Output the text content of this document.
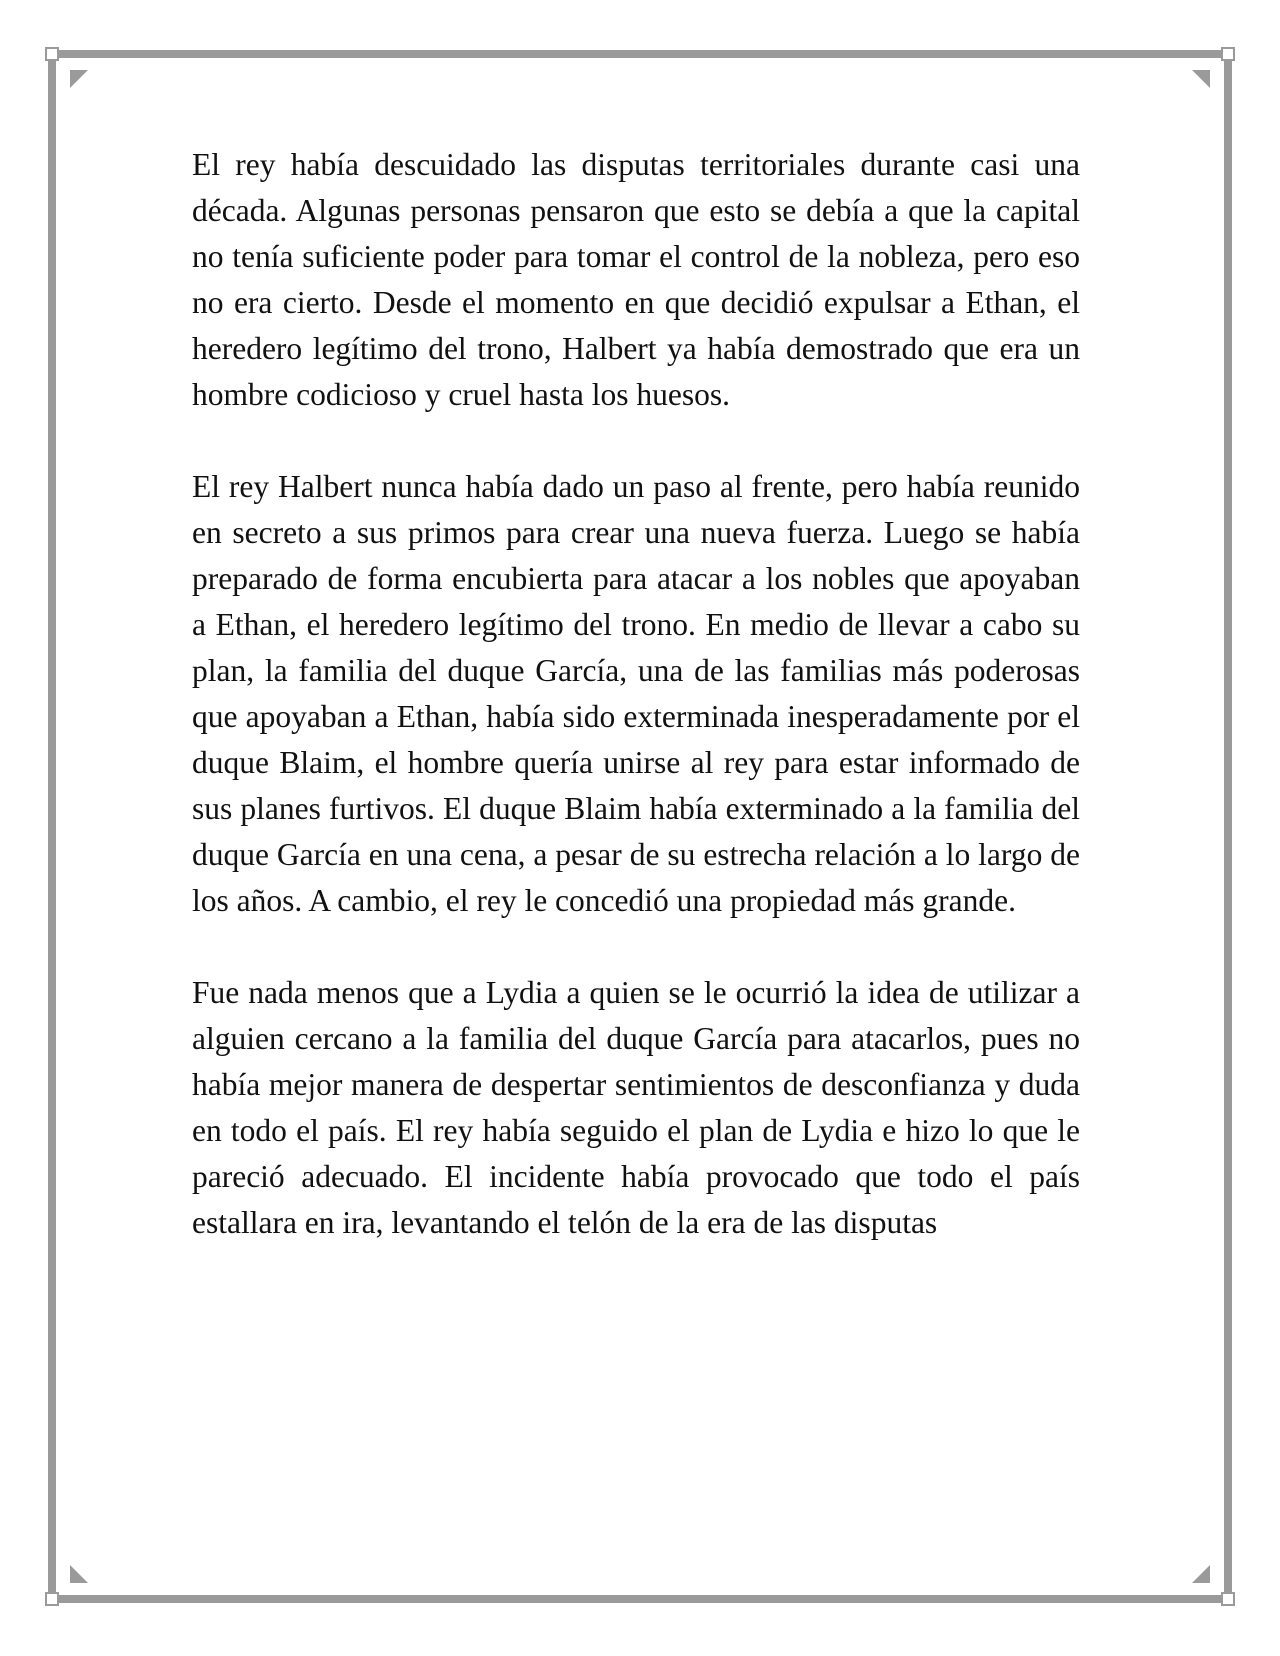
El rey había descuidado las disputas territoriales durante casi una década. Algunas personas pensaron que esto se debía a que la capital no tenía suficiente poder para tomar el control de la nobleza, pero eso no era cierto. Desde el momento en que decidió expulsar a Ethan, el heredero legítimo del trono, Halbert ya había demostrado que era un hombre codicioso y cruel hasta los huesos.

El rey Halbert nunca había dado un paso al frente, pero había reunido en secreto a sus primos para crear una nueva fuerza. Luego se había preparado de forma encubierta para atacar a los nobles que apoyaban a Ethan, el heredero legítimo del trono. En medio de llevar a cabo su plan, la familia del duque García, una de las familias más poderosas que apoyaban a Ethan, había sido exterminada inesperadamente por el duque Blaim, el hombre quería unirse al rey para estar informado de sus planes furtivos. El duque Blaim había exterminado a la familia del duque García en una cena, a pesar de su estrecha relación a lo largo de los años. A cambio, el rey le concedió una propiedad más grande.

Fue nada menos que a Lydia a quien se le ocurrió la idea de utilizar a alguien cercano a la familia del duque García para atacarlos, pues no había mejor manera de despertar sentimientos de desconfianza y duda en todo el país. El rey había seguido el plan de Lydia e hizo lo que le pareció adecuado. El incidente había provocado que todo el país estallara en ira, levantando el telón de la era de las disputas
